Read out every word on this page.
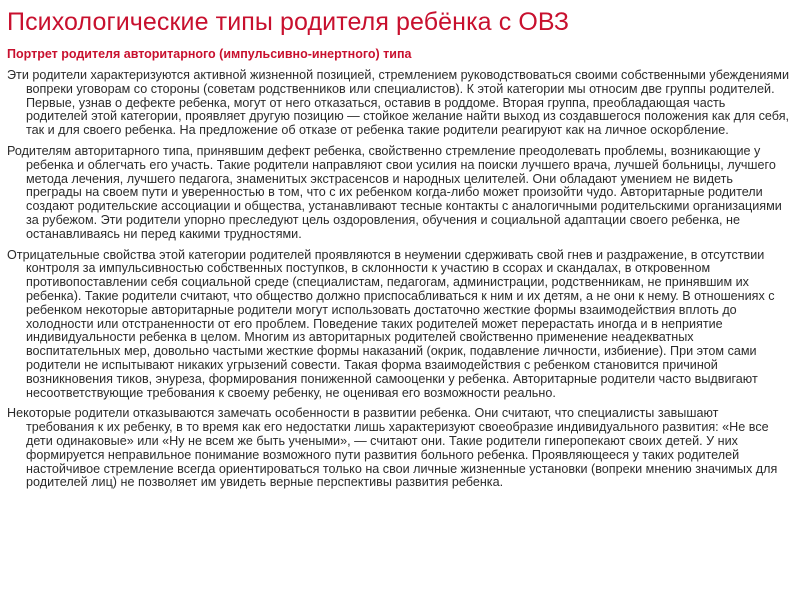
Психологические типы родителя ребёнка с ОВЗ
Портрет родителя авторитарного (импульсивно-инертного) типа

Эти родители характеризуются активной жизненной позицией, стремлением руководствоваться своими собственными убеждениями вопреки уговорам со стороны (советам родственников или специалистов). К этой категории мы относим две группы родителей. Первые, узнав о дефекте ребенка, могут от него отказаться, оставив в роддоме. Вторая группа, преобладающая часть родителей этой категории, проявляет другую позицию — стойкое желание найти выход из создавшегося положения как для себя, так и для своего ребенка. На предложение об отказе от ребенка такие родители реагируют как на личное оскорбление.

Родителям авторитарного типа, принявшим дефект ребенка, свойственно стремление преодолевать проблемы, возникающие у ребенка и облегчать его участь. Такие родители направляют свои усилия на поиски лучшего врача, лучшей больницы, лучшего метода лечения, лучшего педагога, знаменитых экстрасенсов и народных целителей. Они обладают умением не видеть преграды на своем пути и уверенностью в том, что с их ребенком когда-либо может произойти чудо. Авторитарные родители создают родительские ассоциации и общества, устанавливают тесные контакты с аналогичными родительскими организациями за рубежом. Эти родители упорно преследуют цель оздоровления, обучения и социальной адаптации своего ребенка, не останавливаясь ни перед какими трудностями.

Отрицательные свойства этой категории родителей проявляются в неумении сдерживать свой гнев и раздражение, в отсутствии контроля за импульсивностью собственных поступков, в склонности к участию в ссорах и скандалах, в откровенном противопоставлении себя социальной среде (специалистам, педагогам, администрации, родственникам, не принявшим их ребенка). Такие родители считают, что общество должно приспосабливаться к ним и их детям, а не они к нему. В отношениях с ребенком некоторые авторитарные родители могут использовать достаточно жесткие формы взаимодействия вплоть до холодности или отстраненности от его проблем. Поведение таких родителей может перерастать иногда и в неприятие индивидуальности ребенка в целом. Многим из авторитарных родителей свойственно применение неадекватных воспитательных мер, довольно частыми жесткие формы наказаний (окрик, подавление личности, избиение). При этом сами родители не испытывают никаких угрызений совести. Такая форма взаимодействия с ребенком становится причиной возникновения тиков, энуреза, формирования пониженной самооценки у ребенка. Авторитарные родители часто выдвигают несоответствующие требования к своему ребенку, не оценивая его возможности реально.

Некоторые родители отказываются замечать особенности в развитии ребенка. Они считают, что специалисты завышают требования к их ребенку, в то время как его недостатки лишь характеризуют своеобразие индивидуального развития: «Не все дети одинаковые» или «Ну не всем же быть учеными», — считают они. Такие родители гиперопекают своих детей. У них формируется неправильное понимание возможного пути развития больного ребенка. Проявляющееся у таких родителей настойчивое стремление всегда ориентироваться только на свои личные жизненные установки (вопреки мнению значимых для родителей лиц) не позволяет им увидеть верные перспективы развития ребенка.
